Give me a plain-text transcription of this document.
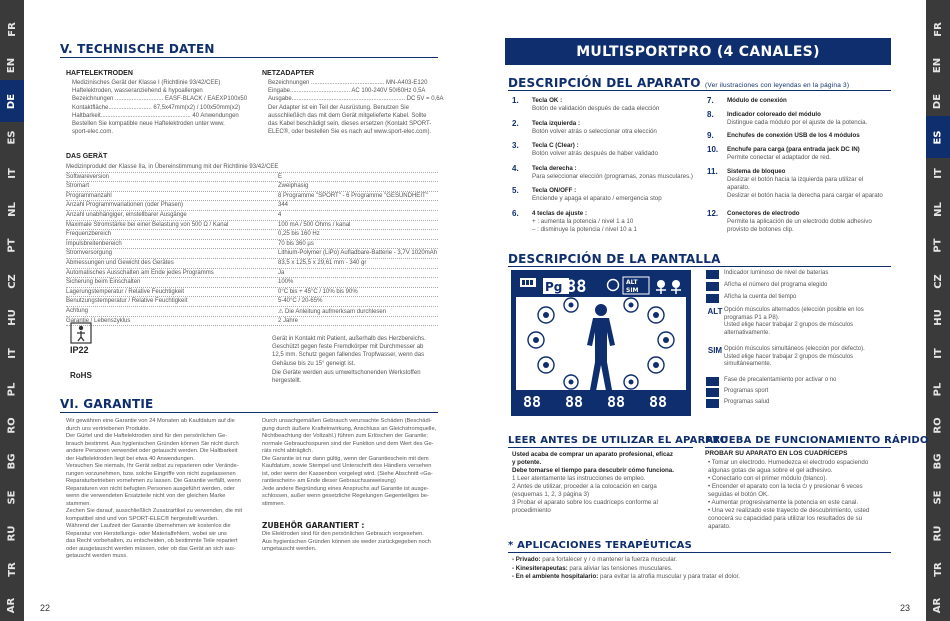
FR
EN
DE
ES
IT
NL
PT
CZ
HU
IT
PL
RO
BG
SE
RU
TR
AR
FR
EN
DE
ES
IT
NL
PT
CZ
HU
IT
PL
RO
BG
SE
RU
TR
AR
V. TECHNISCHE DATEN
HAFTELEKTRODEN
Medizinisches Gerät der Klasse I (Richtlinie 93/42/CEE)
Haftelektroden, wasseranziehend & hypoallergen
Bezeichnungen ............................. EASF-BLACK / EAEXP100x50
Kontaktfläche.......................... 67,5x47mm(x2) / 100x50mm(x2)
Haltbarkeit...................................................... 40 Anwendungen
Bestellen Sie kompatible neue Haftelektroden unter www.
sport-elec.com.
NETZADAPTER
Bezeichnungen ............................................ MN-A403-E120
Eingabe.................................... AC 100-240V 50/60Hz 0,5A
Ausgabe.................................................................... DC 5V = 0,6A
Der Adapter ist ein Teil der Ausrüstung. Benutzen Sie
ausschließlich das mit dem Gerät mitgelieferte Kabel. Sollte
das Kabel beschädigt sein, dieses ersetzen (Kontakt SPORT-
ELEC®, oder bestellen Sie es nach auf www.sport-elec.com).
DAS GERÄT
Medizinprodukt der Klasse IIa, in Übereinstimmung mit der Richtlinie 93/42/CEE
Softwareversion	E
Stromart	Zweiphasig
Programmanzahl	8 Programme "SPORT" - 6 Programme "GESUNDHEIT"
Anzahl Programmvariationen (oder Phasen)	344
Anzahl unabhängiger, einstellbarer Ausgänge	4
Maximale Stromstärke bei einer Belastung von 500 Ω / Kanal	100 mA / 500 Ohms / kanal
Frequenzbereich	0,25 bis 160 Hz
Impulsbreitenbereich	70 bis 360 µs
Stromversorgung	Lithium-Polymer (LiPo) Aufladbare-Batterie - 3,7V 1020mAh
Abmessungen und Gewicht des Gerätes	83,5 x 125,5 x 29,61 mm - 340 gr
Automatisches Ausschalten am Ende jedes Programms	Ja
Sicherung beim Einschalten	100%
Lagerungstemperatur / Relative Feuchtigkeit	0°C bis + 45°C / 10% bis 90%
Benutzungstemperatur / Relative Feuchtigkeit	5-40°C / 20-65%
Achtung	⚠ Die Anleitung aufmerksam durchlesen
Garantie / Lebenszyklus	2 Jahre
IP22
RoHS
Gerät in Kontakt mit Patient, außerhalb des Herzbereichs.
Geschützt gegen feste Fremdkörper mit Durchmesser ab
12,5 mm. Schutz gegen fallendes Tropfwasser, wenn das
Gehäuse bis zu 15° geneigt ist.
Die Geräte werden aus umweltschonenden Werkstoffen
hergestellt.
VI. GARANTIE
Wir gewähren eine Garantie von 24 Monaten ab Kaufdatum auf die
durch uns vertriebenen Produkte.
Der Gürtel und die Haftelektroden sind für den persönlichen Ge-
brauch bestimmt. Aus hygienischen Gründen können Sie nicht durch
andere Personen verwendet oder getauscht werden. Die Haltbarkeit
der Haftelektroden liegt bei etwa 40 Anwendungen.
Versuchen Sie niemals, Ihr Gerät selbst zu reparieren oder Verände-
rungen vorzunehmen, bzw. solche Eingriffe von nicht zugelassenen
Reparaturbetrieben vornehmen zu lassen. Die Garantie verfällt, wenn
Reparaturen von nicht befugten Personen ausgeführt werden, oder
wenn die verwendeten Ersatzteile nicht von der gleichen Marke
stammen.
Zechen Sie darauf, ausschließlich Zusatzartikel zu verwenden, die mit
kompatibel sind und von SPORT-ELEC® hergestellt wurden.
Während der Laufzeit der Garantie übernehmen wir kostenlos die
Reparatur von Herstellungs- oder Materialfehlern, wobei wir uns
das Recht vorbehalten, zu entscheiden, ob bestimmte Teile repariert
oder ausgetauscht werden müssen, oder ob das Gerät an sich aus-
getauscht werden muss.
Durch unsachgemäßen Gebrauch verursachte Schäden (Beschädi-
gung durch äußere Krafteinwirkung, Anschluss an Gleichstromquelle,
Nichtbeachtung der Voltzahl.) führen zum Erlöschen der Garantie;
normale Gebrauchsspuren sind der Funktion und dem Wert des Ge-
räts nicht abträglich.
Die Garantie ist nur dann gültig, wenn der Garantieschein mit dem
Kaufdatum, sowie Stempel und Unterschrift des Händlers versehen
ist, oder wenn der Kassenbon vorgelegt wird. (Siehe Abschnitt «Ga-
rantieschein» am Ende dieser Gebrauchsanweisung)
Jede andere Begründung eines Anspruchs auf Garantie ist ausge-
schlossen, außer wenn gesetzliche Regelungen Gegenteiliges be-
stimmen.
ZUBEHÖR GARANTIERT :
Die Elektroden sind für den persönlichen Gebrauch vorgesehen.
Aus hygienischen Gründen können sie weder zurückgegeben noch
umgetauscht werden.
22
MULTISPORTPRO (4 CANALES)
DESCRIPCIÓN DEL APARATO (Ver ilustraciones con leyendas en la página 3)
1. Tecla OK :
Botón de validación después de cada elección
2. Tecla izquierda :
Botón volver atrás o seleccionar otra elección
3. Tecla C (Clear) :
Botón volver atrás después de haber validado
4. Tecla derecha :
Para seleccionar elección (programas, zonas musculares.)
5. Tecla ON/OFF :
Enciende y apaga el aparato / emergencia stop
6. 4 teclas de ajuste :
+ : aumenta la potencia / nivel 1 a 10
– : disminuye la potencia / nivel 10 a 1
7. Módulo de conexión
8. Indicador coloreado del módulo
Distingue cada módulo por el ajuste de la potencia.
9. Enchufes de conexión USB de los 4 módulos
10. Enchufe para carga (para entrada jack DC IN)
Permite conectar el adaptador de red.
11. Sistema de bloqueo
Deslizar el botón hacia la izquierda para utilizar el
aparato.
Deslizar el botón hacia la derecha para cargar el aparato
12. Conectores de electrodo
Permite la aplicación de un electrodo doble adhesivo
provisto de botones clip.
DESCRIPCIÓN DE LA PANTALLA
Pg 88	ALT
SIM
88 88 88 88
Indicador luminoso de nivel de baterías
Afícha el número del programa elegido
Afícha la cuenta del tiempo
ALT Opción músculos alternados (elección posible en los
programas P1 a P8).
Usted elige hacer trabajar 2 grupos de músculos
alternativamente.
SIM Opción músculos simultáneos (elección por defecto).
Usted elige hacer trabajar 2 grupos de músculos
simultáneamente.
Fase de precalentamiento por activar o no
Programas sport
Programas salud
LEER ANTES DE UTILIZAR EL APARATO
Usted acaba de comprar un aparato profesional, eficaz
y potente.
Debe tomarse el tiempo para descubrir cómo funciona.
1 Leer atentamente las instrucciones de empleo.
2 Antes de utilizar, proceder a la colocación en carga
(esquemas 1, 2, 3 página 3)
3 Probar el aparato sobre los cuadríceps conforme al
procedimiento
PRUEBA DE FUNCIONAMIENTO RÁPIDO
PROBAR SU APARATO EN LOS CUADRÍCEPS
• Tomar un electrodo. Humedezca el electrodo espaciendo
algunas gotas de agua sobre el gel adhesivo.
• Conectarlo con el primer módulo (blanco).
• Encender el aparato con la tecla ⏻ y presionar 6 veces
seguidas el botón OK.
• Aumentar progresivamente la potencia en este canal.
• Una vez realizado este trayecto de descubrimiento, usted
conocerá su capacidad para utilizar los resultados de su
aparato.
* APLICACIONES TERAPÉUTICAS
- Privado: para fortalecer y / o mantener la fuerza muscular.
- Kinesiterapeutas: para aliviar las tensiones musculares.
- En el ambiente hospitalario: para evitar la atrofia muscular y para tratar el dolor.
23
